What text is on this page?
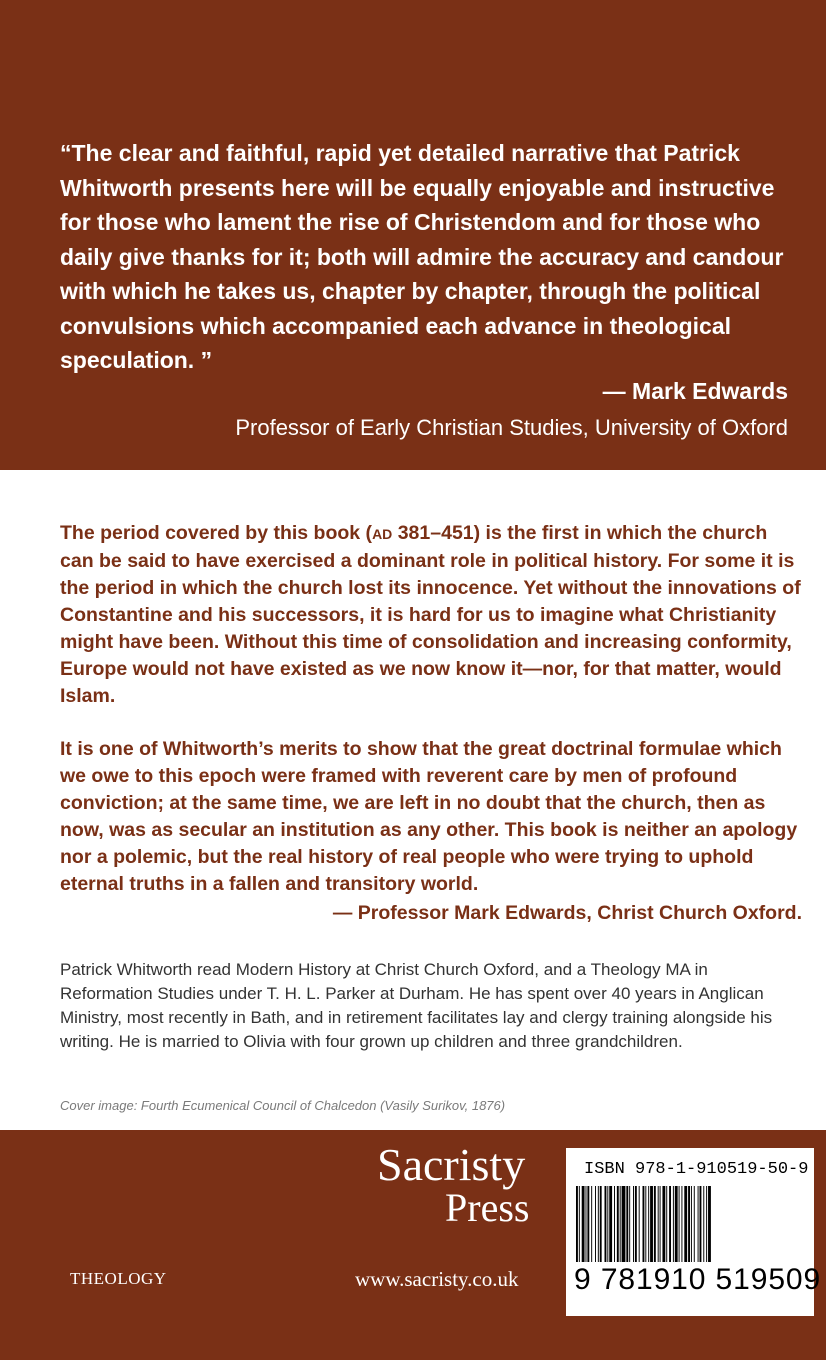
“The clear and faithful, rapid yet detailed narrative that Patrick Whitworth presents here will be equally enjoyable and instructive for those who lament the rise of Christendom and for those who daily give thanks for it; both will admire the accuracy and candour with which he takes us, chapter by chapter, through the political convulsions which accompanied each advance in theological speculation. ”

— Mark Edwards
Professor of Early Christian Studies, University of Oxford

The period covered by this book (AD 381–451) is the first in which the church can be said to have exercised a dominant role in political history. For some it is the period in which the church lost its innocence. Yet without the innovations of Constantine and his successors, it is hard for us to imagine what Christianity might have been. Without this time of consolidation and increasing conformity, Europe would not have existed as we now know it—nor, for that matter, would Islam.

It is one of Whitworth’s merits to show that the great doctrinal formulae which we owe to this epoch were framed with reverent care by men of profound conviction; at the same time, we are left in no doubt that the church, then as now, was as secular an institution as any other. This book is neither an apology nor a polemic, but the real history of real people who were trying to uphold eternal truths in a fallen and transitory world.

— Professor Mark Edwards, Christ Church Oxford.

Patrick Whitworth read Modern History at Christ Church Oxford, and a Theology MA in Reformation Studies under T. H. L. Parker at Durham. He has spent over 40 years in Anglican Ministry, most recently in Bath, and in retirement facilitates lay and clergy training alongside his writing. He is married to Olivia with four grown up children and three grandchildren.

Cover image: Fourth Ecumenical Council of Chalcedon (Vasily Surikov, 1876)

Sacristy
Press
THEOLOGY	www.sacristy.co.uk
ISBN 978-1-910519-50-9
9 781910 519509
